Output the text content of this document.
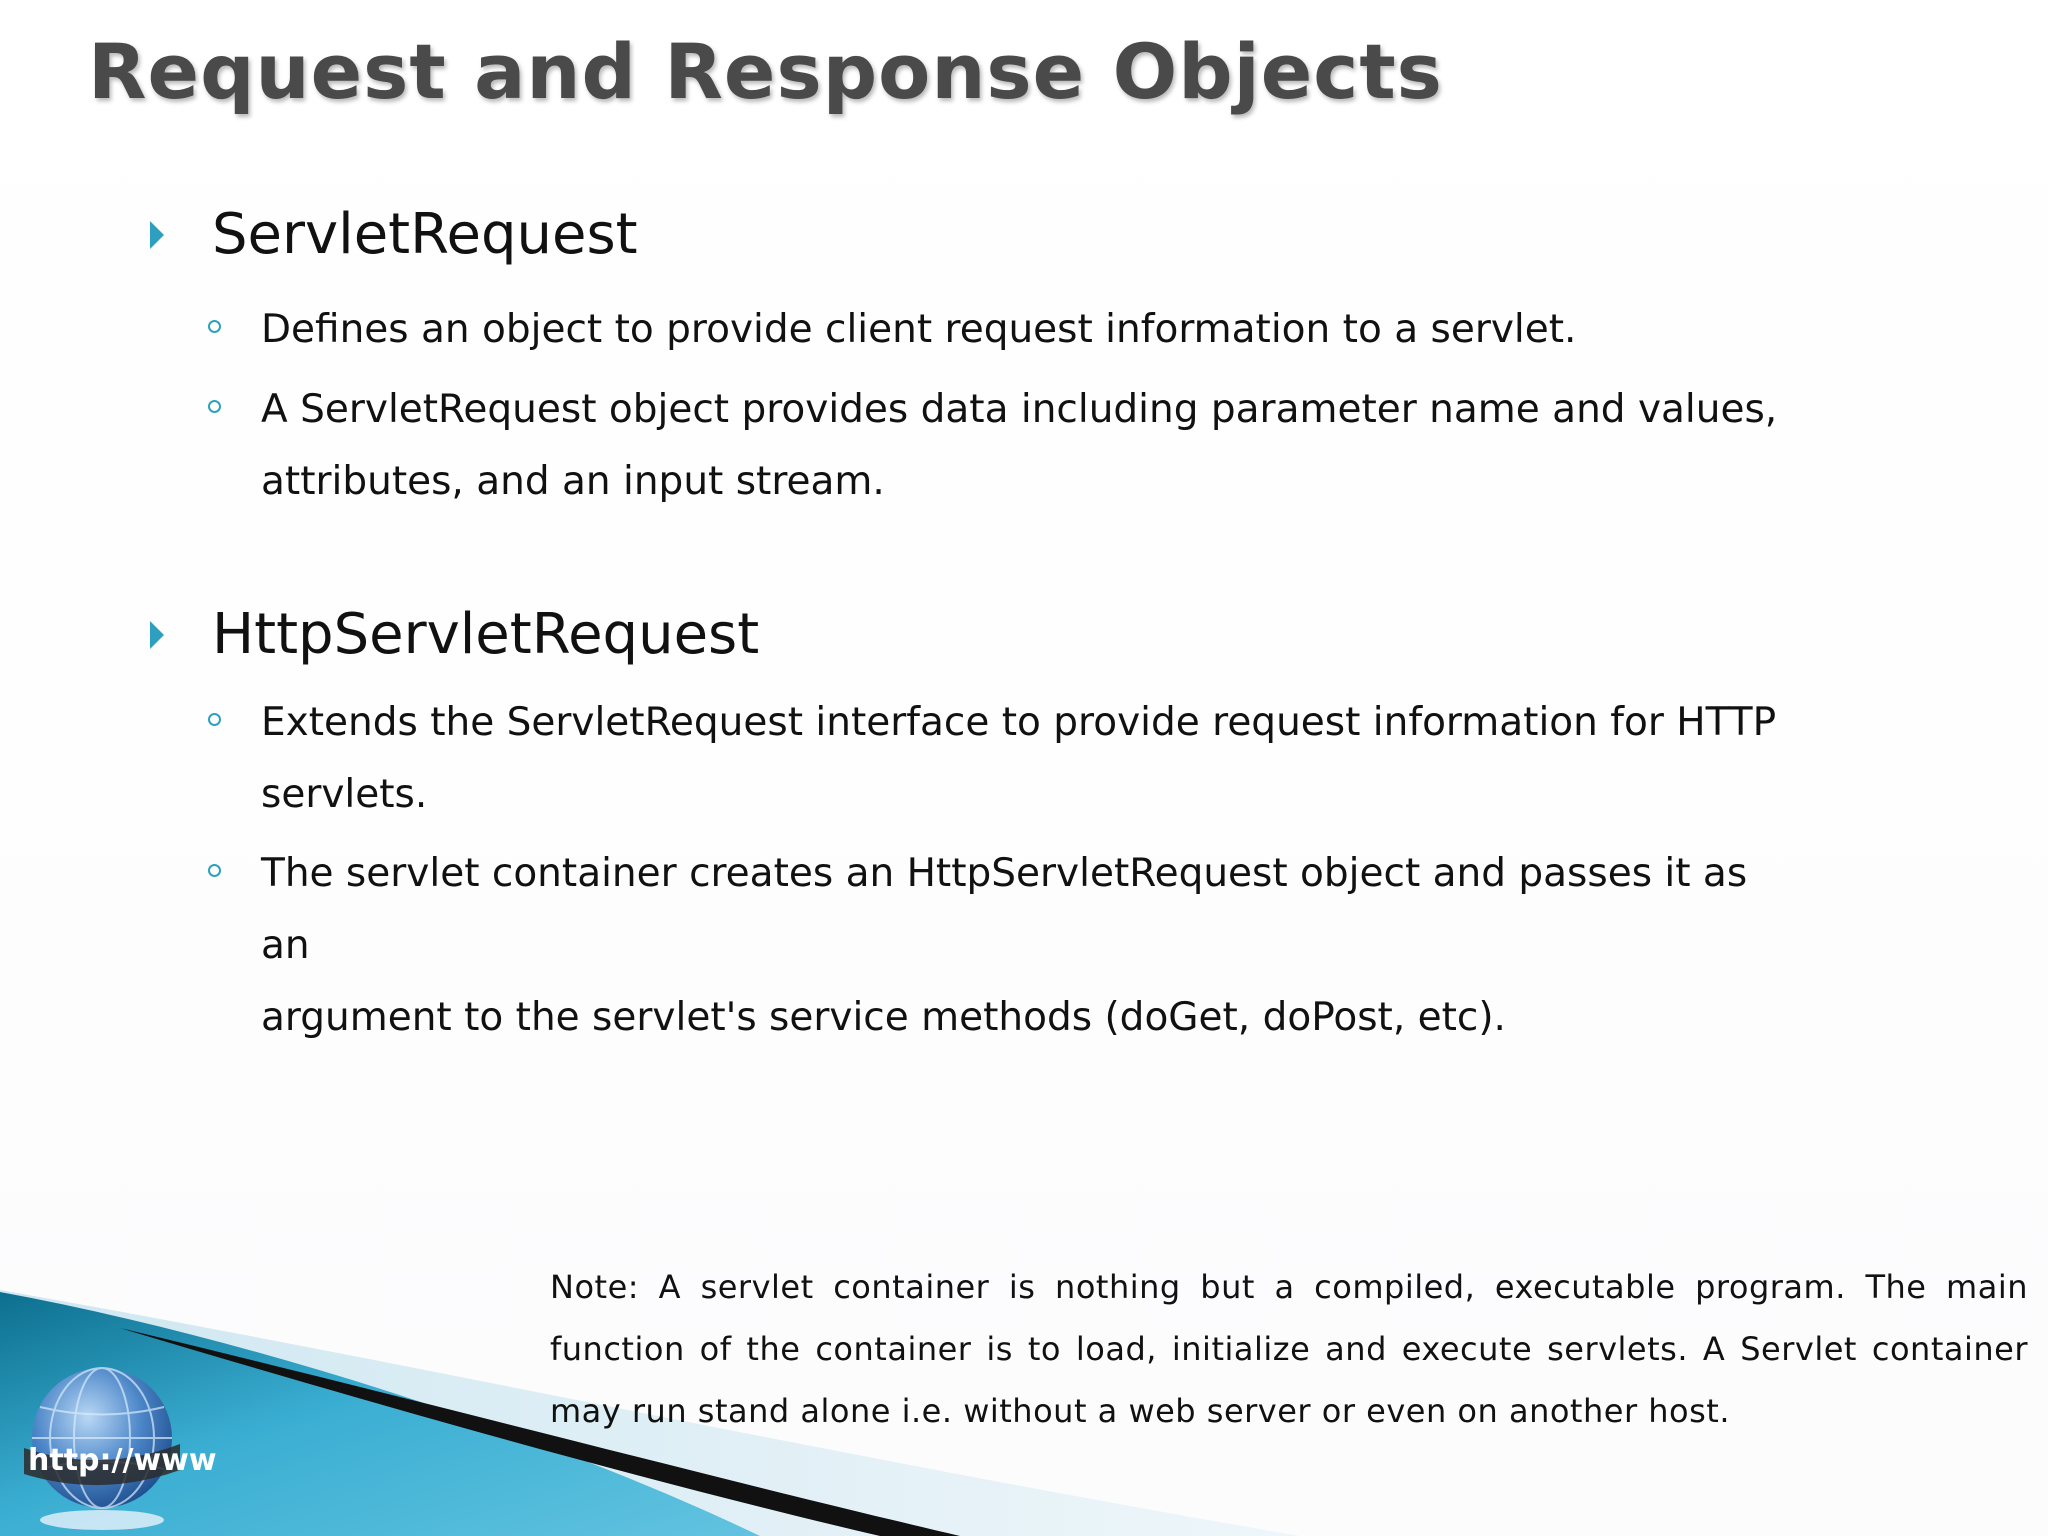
Request and Response Objects
ServletRequest
Defines an object to provide client request information to a servlet.
A ServletRequest object provides data including parameter name and values,
attributes, and an input stream.
HttpServletRequest
Extends the ServletRequest interface to provide request information for HTTP
servlets.
The servlet container creates an HttpServletRequest object and passes it as an
argument to the servlet's service methods (doGet, doPost, etc).
http://www
Note: A servlet container is nothing but a compiled, executable program. The main function of the container is to load, initialize and execute servlets. A Servlet container may run stand alone i.e. without a web server or even on another host.
